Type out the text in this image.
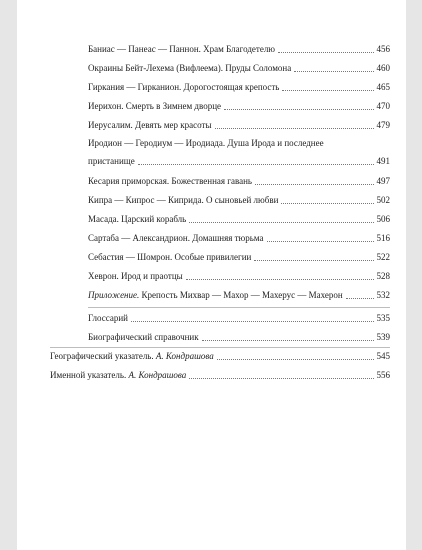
Баниас — Панеас — Паннон. Храм Благодетелю	456
Окраины Бейт-Лехема (Вифлеема). Пруды Соломона	460
Гиркания — Гирканион. Дорогостоящая крепость	465
Иерихон. Смерть в Зимнем дворце	470
Иерусалим. Девять мер красоты	479
Иродион — Геродиум — Иродиада. Душа Ирода и последнее
пристанище	491
Кесария приморская. Божественная гавань	497
Кипра — Кипрос — Киприда. О сыновьей любви	502
Масада. Царский корабль	506
Сартаба — Александрион. Домашняя тюрьма	516
Себастия — Шомрон. Особые привилегии	522
Хеврон. Ирод и праотцы	528
Приложение. Крепость Михвар — Махор — Махерус — Махерон	532
Глоссарий	535
Биографический справочник	539
Географический указатель. А. Кондрашова	545
Именной указатель. А. Кондрашова	556
